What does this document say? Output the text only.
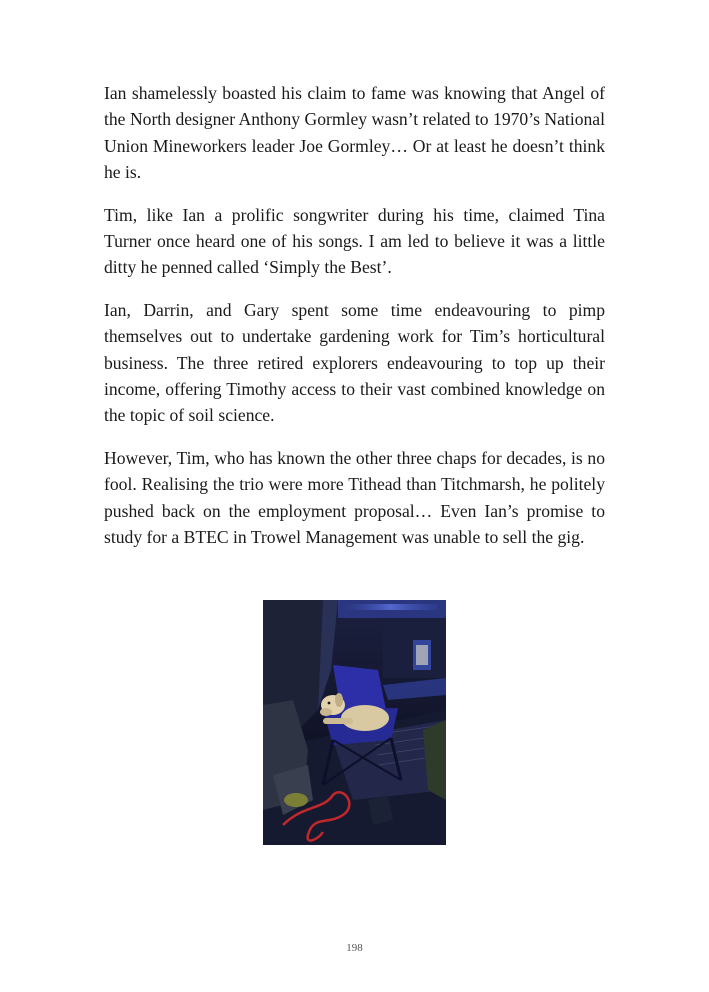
Ian shamelessly boasted his claim to fame was knowing that Angel of the North designer Anthony Gormley wasn’t related to 1970’s National Union Mineworkers leader Joe Gormley… Or at least he doesn’t think he is.

Tim, like Ian a prolific songwriter during his time, claimed Tina Turner once heard one of his songs. I am led to believe it was a little ditty he penned called ‘Simply the Best’.

Ian, Darrin, and Gary spent some time endeavouring to pimp themselves out to undertake gardening work for Tim’s horticultural business. The three retired explorers endeavouring to top up their income, offering Timothy access to their vast combined knowledge on the topic of soil science.

However, Tim, who has known the other three chaps for decades, is no fool. Realising the trio were more Tithead than Titchmarsh, he politely pushed back on the employment proposal… Even Ian’s promise to study for a BTEC in Trowel Management was unable to sell the gig.

198
